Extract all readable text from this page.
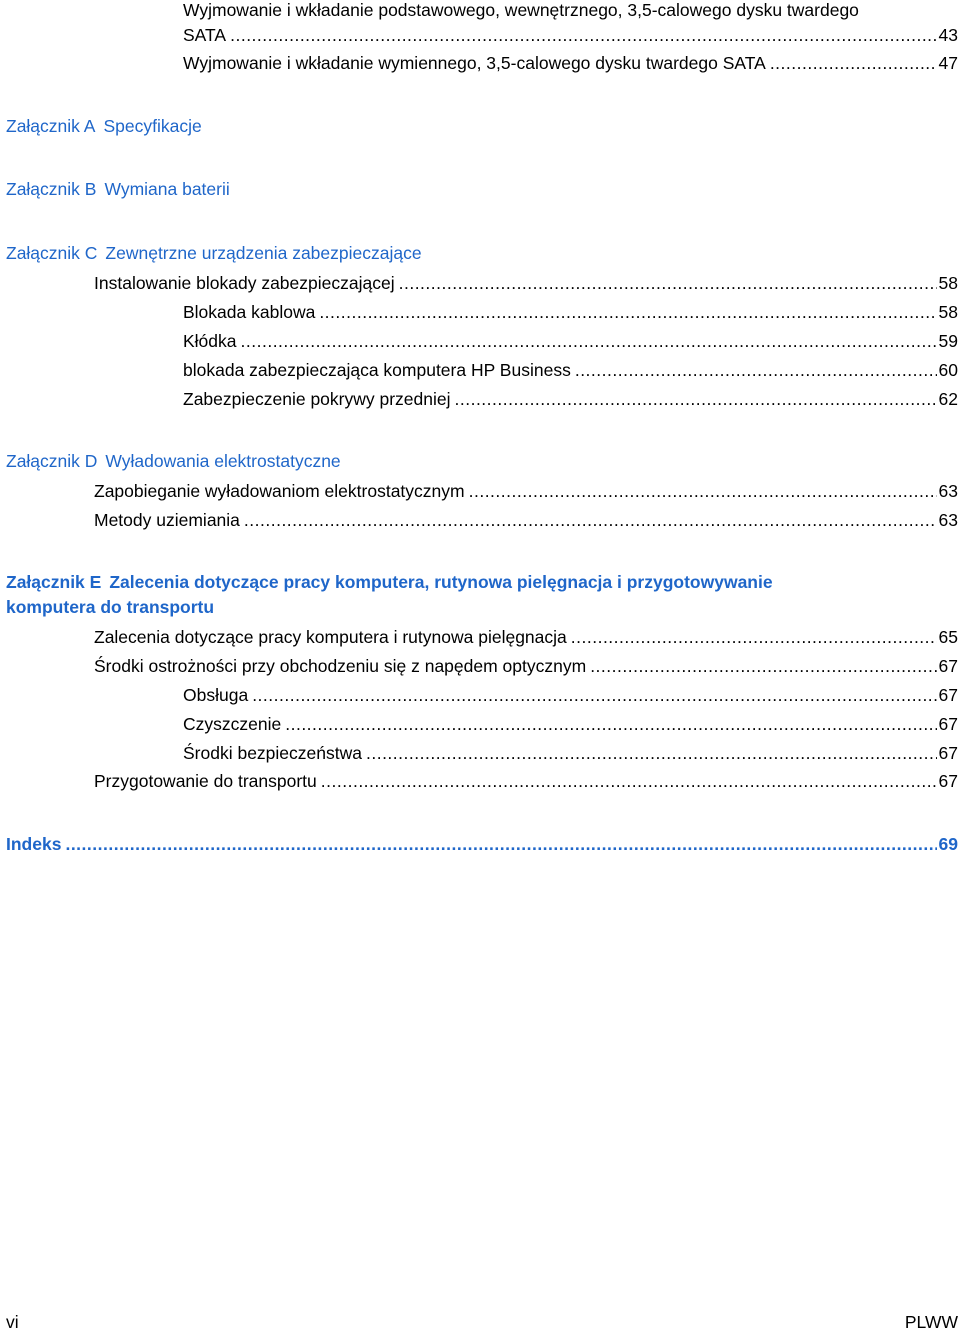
Wyjmowanie i wkładanie podstawowego, wewnętrznego, 3,5-calowego dysku twardego
SATA .....	43
Wyjmowanie i wkładanie wymiennego, 3,5-calowego dysku twardego SATA .....	47
Załącznik A Specyfikacje
Załącznik B Wymiana baterii
Załącznik C Zewnętrzne urządzenia zabezpieczające
Instalowanie blokady zabezpieczającej .....	58
Blokada kablowa .....	58
Kłódka .....	59
blokada zabezpieczająca komputera HP Business .....	60
Zabezpieczenie pokrywy przedniej .....	62
Załącznik D Wyładowania elektrostatyczne
Zapobieganie wyładowaniom elektrostatycznym .....	63
Metody uziemiania .....	63
Załącznik E Zalecenia dotyczące pracy komputera, rutynowa pielęgnacja i przygotowywanie
komputera do transportu
Zalecenia dotyczące pracy komputera i rutynowa pielęgnacja .....	65
Środki ostrożności przy obchodzeniu się z napędem optycznym .....	67
Obsługa .....	67
Czyszczenie .....	67
Środki bezpieczeństwa .....	67
Przygotowanie do transportu .....	67
Indeks .....	69
vi	PLWW
